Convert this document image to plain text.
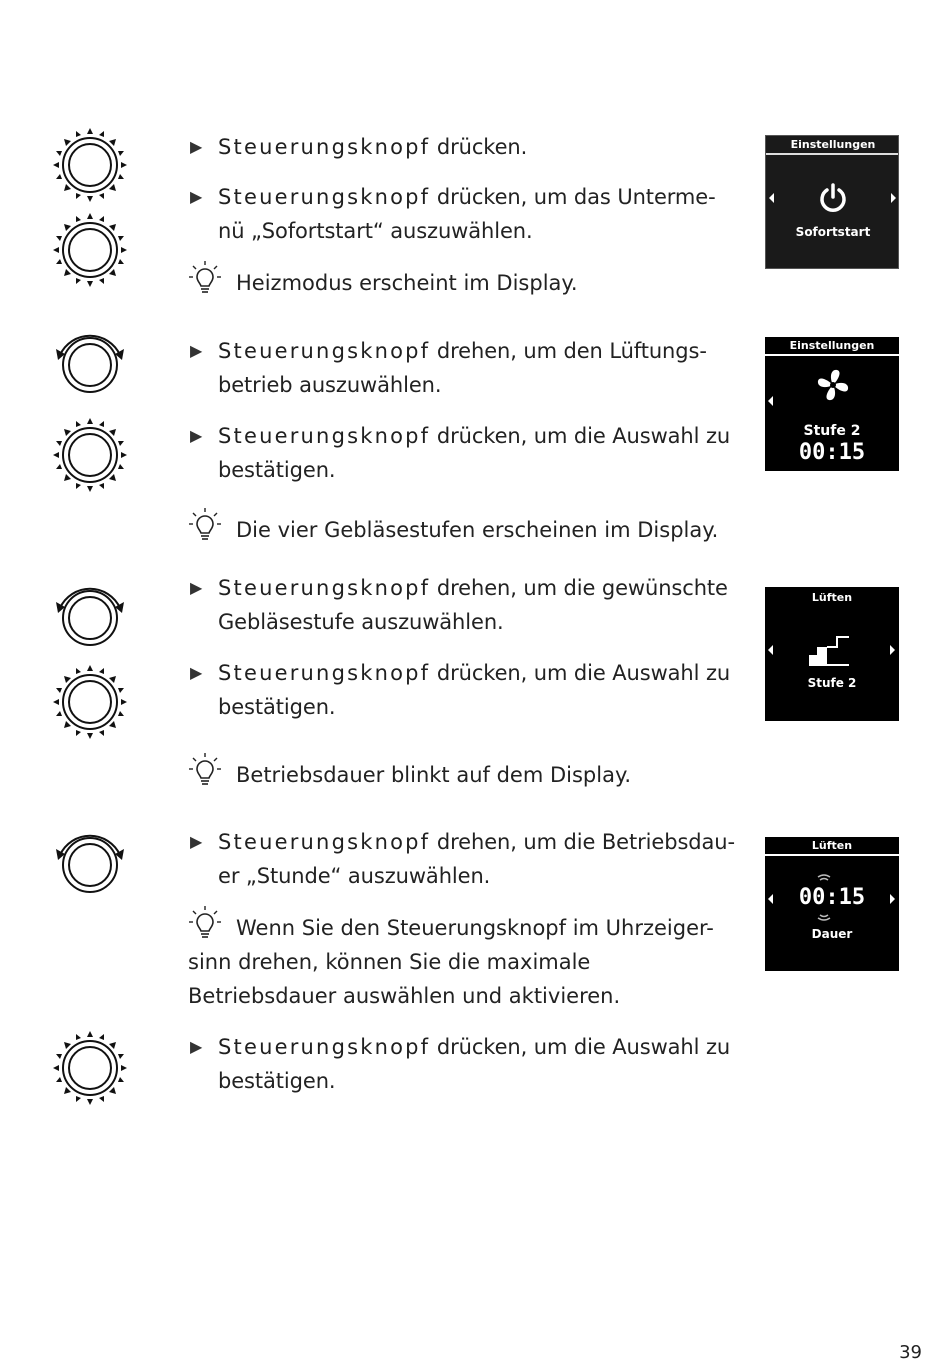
▶ Steuerungsknopf drücken.
▶ Steuerungsknopf drücken, um das Unterme-
nü „Sofortstart“ auszuwählen.
Heizmodus erscheint im Display.
▶ Steuerungsknopf drehen, um den Lüftungs-
betrieb auszuwählen.
▶ Steuerungsknopf drücken, um die Auswahl zu
bestätigen.
Die vier Gebläsestufen erscheinen im Display.
▶ Steuerungsknopf drehen, um die gewünschte
Gebläsestufe auszuwählen.
▶ Steuerungsknopf drücken, um die Auswahl zu
bestätigen.
Betriebsdauer blinkt auf dem Display.
▶ Steuerungsknopf drehen, um die Betriebsdau-
er „Stunde“ auszuwählen.
Wenn Sie den Steuerungsknopf im Uhrzeiger-sinn drehen, können Sie die maximale Betriebsdauer auswählen und aktivieren.
▶ Steuerungsknopf drücken, um die Auswahl zu
bestätigen.
Einstellungen
Sofortstart
Einstellungen
Stufe 2
00:15
Lüften
Stufe 2
Lüften
00:15
Dauer
39
